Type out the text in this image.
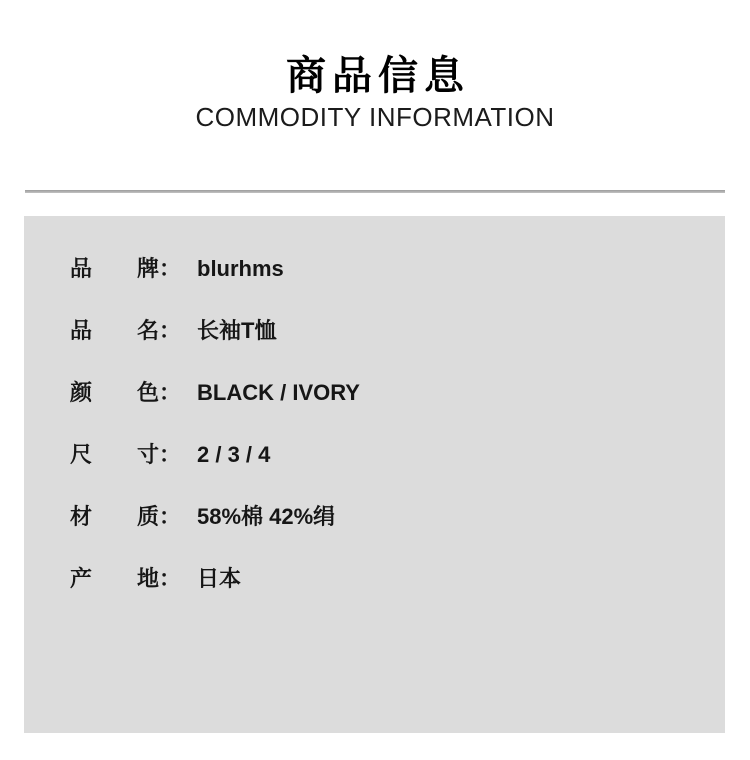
商品信息
COMMODITY INFORMATION
品 牌 ： blurhms
品 名 ： 长袖T恤
颜 色 ： BLACK / IVORY
尺 寸 ： 2 / 3 / 4
材 质 ： 58%棉 42%绢
产 地 ： 日本
